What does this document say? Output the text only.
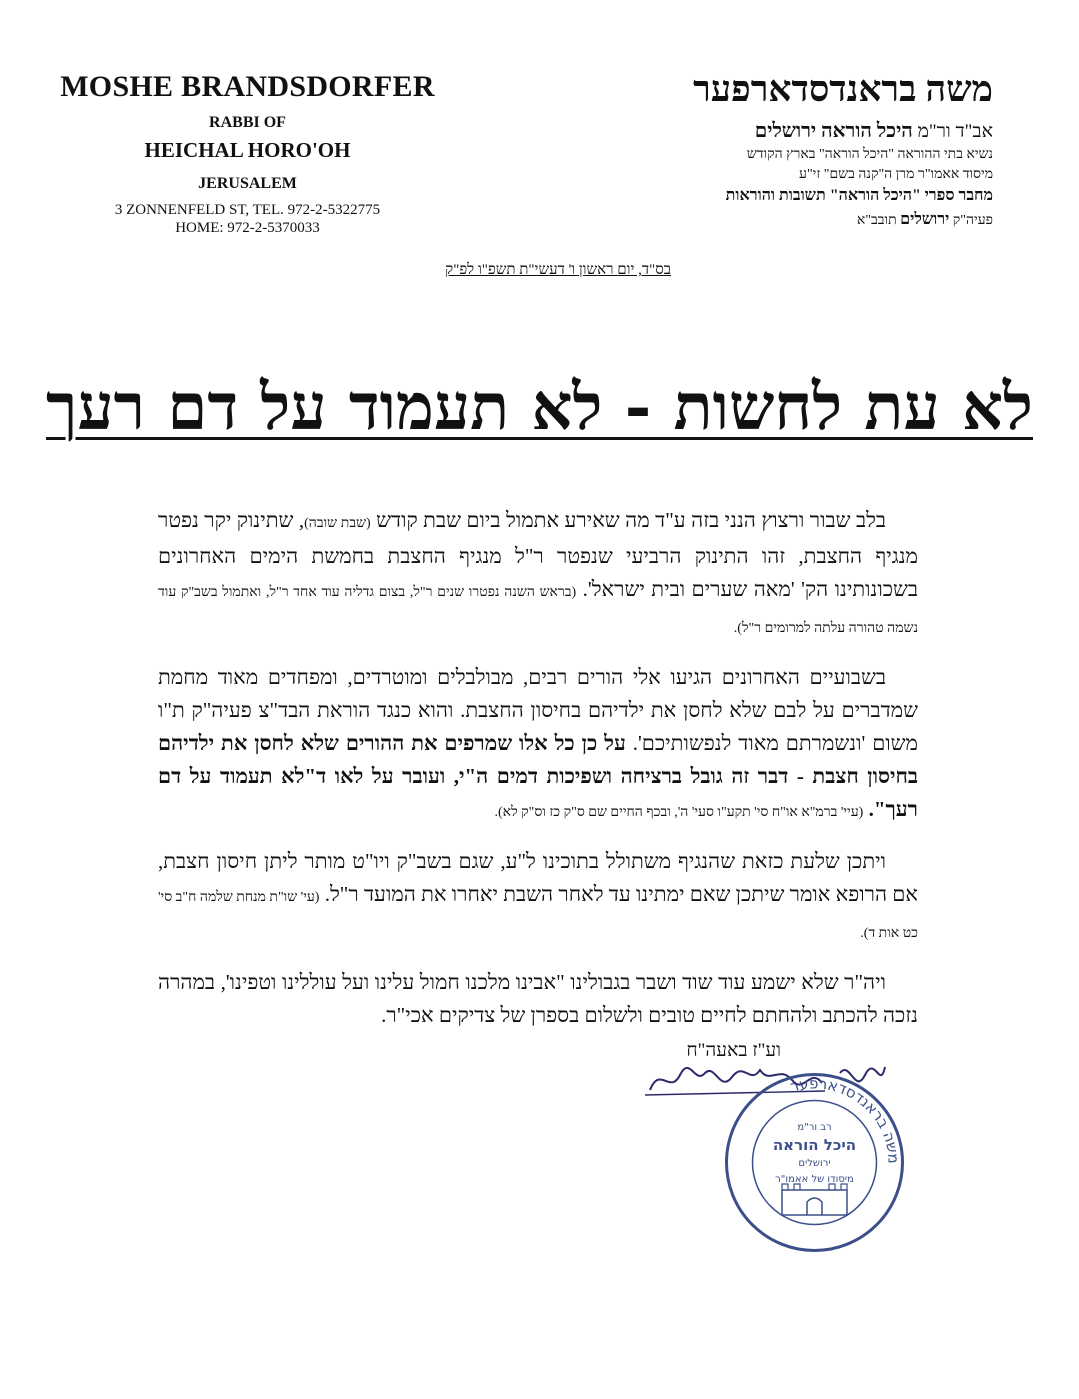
MOSHE BRANDSDORFER
RABBI OF
HEICHAL HORO'OH
JERUSALEM
3 ZONNENFELD ST, TEL. 972-2-5322775
HOME: 972-2-5370033
משה בראנדסדארפער
אב"ד ור"מ היכל הוראה ירושלים
נשיא בתי ההוראה "היכל הוראה" בארץ הקודש
מיסוד אאמו"ר מרן ה"קנה בשם" זי"ע
מחבר ספרי "היכל הוראה" תשובות והוראות
פעיה"ק ירושלים תובב"א
בס"ד, יום ראשון ו' דעשי"ת תשפ"ו לפ"ק
לא עת לחשות - לא תעמוד על דם רעך

בלב שבור ורצוץ הנני בזה ע"ד מה שאירע אתמול ביום שבת קודש (שבת שובה), שתינוק יקר נפטר מנגיף החצבת, זהו התינוק הרביעי שנפטר ר"ל מנגיף החצבת בחמשת הימים האחרונים בשכונותינו הק' 'מאה שערים ובית ישראל'. (בראש השנה נפטרו שנים ר"ל, בצום גדליה עוד אחד ר"ל, ואתמול בשב"ק עוד נשמה טהורה עלתה למרומים ר"ל).

בשבועיים האחרונים הגיעו אלי הורים רבים, מבולבלים ומוטרדים, ומפחדים מאוד מחמת שמדברים על לבם שלא לחסן את ילדיהם בחיסון החצבת. והוא כנגד הוראת הבד"צ פעיה"ק ת"ו משום 'ונשמרתם מאוד לנפשותיכם'. על כן כל אלו שמרפים את ההורים שלא לחסן את ילדיהם בחיסון חצבת - דבר זה גובל ברציחה ושפיכות דמים ה"י, ועובר על לאו ד"לא תעמוד על דם רעך". (עיי' ברמ"א או"ח סי' תקע"ו סעי' ה', ובכף החיים שם ס"ק כז וס"ק לא).

ויתכן שלעת כזאת שהנגיף משתולל בתוכינו ל"ע, שגם בשב"ק ויו"ט מותר ליתן חיסון חצבת, אם הרופא אומר שיתכן שאם ימתינו עד לאחר השבת יאחרו את המועד ר"ל. (עי' שו"ת מנחת שלמה ח"ב סי' כט אות ד).

ויה"ר שלא ישמע עוד שוד ושבר בגבולינו "אבינו מלכנו חמול עלינו ועל עוללינו וטפינו', במהרה נזכה להכתב ולהחתם לחיים טובים ולשלום בספרן של צדיקים אכי"ר.

וע"ז באעה"ח
משה בראנדסדארפער
רב ור"מ
היכל הוראה
ירושלים
מיסודו של אאמו"ר
